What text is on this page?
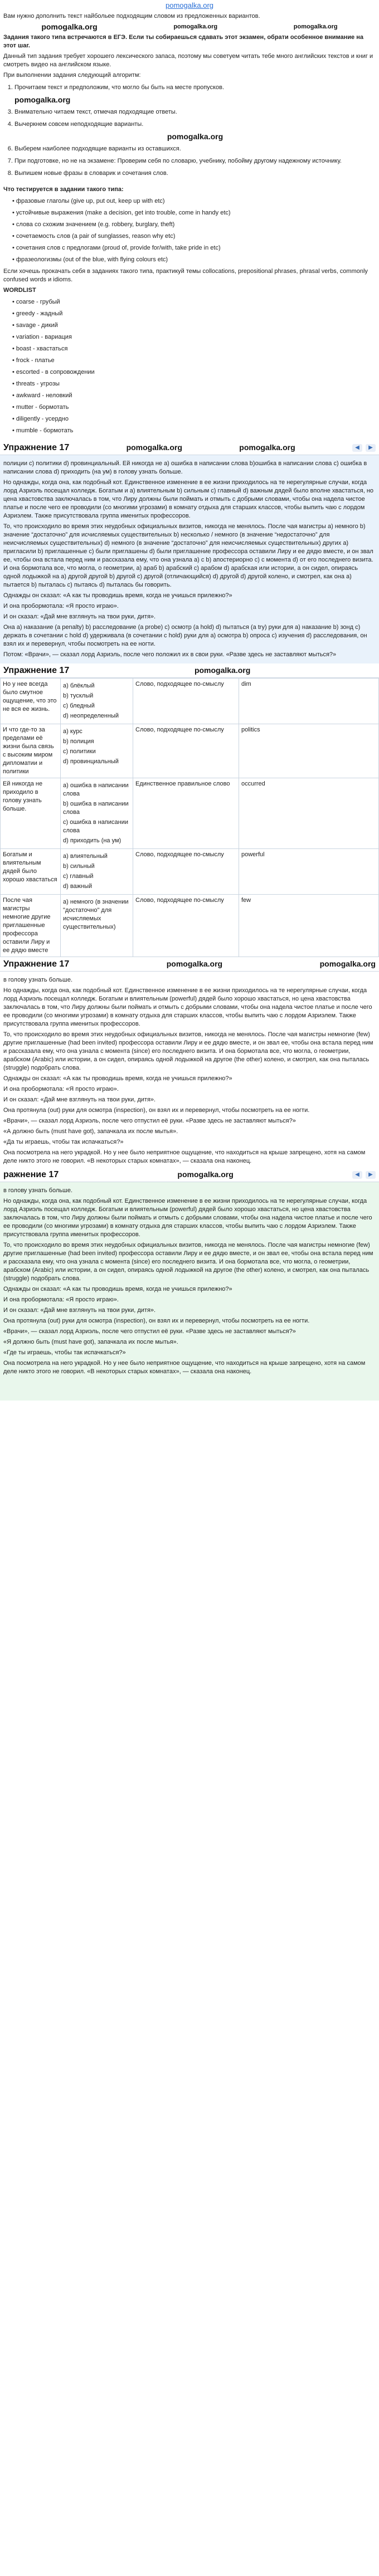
pomogalka.org

Вам нужно дополнить текст найбольее подходящим словом из предложенных вариантов.

pomogalka.org	pomogalka.org	pomogalka.org

Задания такого типа встречаются в ЕГЭ. Если ты собираешься сдавать этот экзамен, обрати особенное внимание на этот шаг.

Данный тип задания требует хорошего лексического запаса, поэтому мы советуем читать тебе много английских текстов и книг и смотреть видео на английском языке.

При выполнении задания следующий алгоритм:

1. Прочитаем текст и предположим, что могло бы быть на месте пропусков.
pomogalka.org
3. Внимательно читаем текст, отмечая подходящие ответы.
4. Вычеркнем совсем неподходящие варианты.
pomogalka.org
6. Выберем наиболее подходящие варианты из оставшихся.
7. При подготовке, но не на экзамене: Проверим себя по словарю, учебнику, побойму другому надежному источнику.
8. Выпишем новые фразы в словарик и сочетания слов.

Что тестируется в задании такого типа:

• фразовые глаголы (give up, put out, keep up with etc)
• устойчивые выражения (make a decision, get into trouble, come in handy etc)
• слова со схожим значением (e.g. robbery, burglary, theft)
• сочетаемость слов (a pair of sunglasses, reason why etc)
• сочетания слов с предлогами (proud of, provide for/with, take pride in etc)
• фразеологизмы (out of the blue, with flying colours etc)

Если хочешь прокачать себя в заданиях такого типа, практикуй темы collocations, prepositional phrases, phrasal verbs, commonly confused words и idioms.

WORDLIST

• coarse - грубый
• greedy - жадный
• savage - дикий
• variation - вариация
• boast - хвастаться
• frock - платье
• escorted - в сопровождении
• threats - угрозы
• awkward - неловкий
• mutter - бормотать
• diligently - усердно
• mumble - бормотать
Упражнение 17	pomogalka.org	pomogalka.org	◀	▶

полиции c) политики d) провинциальный. Ей никогда не a) ошибка в написании слова b)ошибка в написании слова c) ошибка в написании слова d) приходить (на ум) в голову узнать больше.

Но однажды, когда она, как подобный кот. Единственное изменение в ее жизни приходилось на те нерегулярные случаи, когда лорд Азриэль посещал колледж. Богатым и a) влиятельным b) сильным c) главный d) важным дядей было вполне хвастаться, но цена хвастовства заключалась в том, что Лиру должны были поймать и отмыть с добрыми словами, чтобы она надела чистое платье и после чего ее проводили (со многими угрозами) в комнату отдыха для старших классов, чтобы выпить чаю с лордом Азриэлем. Также присутствовала группа именитых профессоров.

То, что происходило во время этих неудобных официальных визитов, никогда не менялось. После чая магистры a) немного b) значение “достаточно” для исчисляемых существительных b) несколько / немного (в значение “недостаточно” для неисчисляемых существительных) d) немного (в значение “достаточно” для неисчисляемых существительных) других a) пригласили b) приглашенные c) были приглашены d) были приглашение профессора оставили Лиру и ее дядю вместе, и он звал ее, чтобы она встала перед ним и рассказала ему, что она узнала a) с b) апостериорно c) с момента d) от его последнего визита. И она бормотала все, что могла, о геометрии, a) араб b) арабский c) арабом d) арабская или истории, а он сидел, опираясь одной лодыжкой на a) другой другой b) другой c) другой (отличающийся) d) другой d) другой колено, и смотрел, как она a) пытается b) пыталась c) пытаясь d) пыталась бы говорить.

Однажды он сказал: «А как ты проводишь время, когда не учишься прилежно?»

И она пробормотала: «Я просто играю».

И он сказал: «Дай мне взглянуть на твои руки, дитя».

Она a) наказание (a penalty) b) расследование (a probe) c) осмотр (a hold) d) пытаться (a try) руки для a) наказание b) зонд c) держать в сочетании с hold d) удерживала (в сочетании с hold) руки для a) осмотра b) опроса c) изучения d) расследования, он взял их и перевернул, чтобы посмотреть на ее ногти.

Потом: «Врачи», — сказал лорд Азриэль, после чего положил их в свои руки. «Разве здесь не заставляют мыться?»

Упражнение 17	pomogalka.org
Но у нее всегда было смутное ощущение, что это не вся ее жизнь.	a) блёклый
b) тусклый
c) бледный
d) неопределенный	Слово, подходящее по-смыслу	dim
И что где-то за пределами её жизни была связь с высоким миром дипломатии и политики	a) курс
b) полиция
c) политики
d) провинциальный	Слово, подходящее по-смыслу	politics
Ей никогда не приходило в голову узнать больше.	a) ошибка в написании слова
b) ошибка в написании слова
c) ошибка в написании слова
d) приходить (на ум)	Единственное правильное слово	occurred
Богатым и влиятельным дядей было хорошо хвастаться	a) влиятельный
b) сильный
c) главный
d) важный	Слово, подходящее по-смыслу	powerful
После чая магистры немногие другие приглашенные профессора оставили Лиру и ее дядю вместе	a) немного (в значении "достаточно" для исчисляемых существительных)	Слово, подходящее по-смыслу	few
Упражнение 17	pomogalka.org	pomogalka.org

в голову узнать больше.

Но однажды, когда она, как подобный кот. Единственное изменение в ее жизни приходилось на те нерегулярные случаи, когда лорд Азриэль посещал колледж. Богатым и влиятельным (powerful) дядей было хорошо хвастаться, но цена хвастовства заключалась в том, что Лиру должны были поймать и отмыть с добрыми словами, чтобы она надела чистое платье и после чего ее проводили (со многими угрозами) в комнату отдыха для старших классов, чтобы выпить чаю с лордом Азриэлем. Также присутствовала группа именитых профессоров.

То, что происходило во время этих неудобных официальных визитов, никогда не менялось. После чая магистры немногие (few) другие приглашенные (had been invited) профессора оставили Лиру и ее дядю вместе, и он звал ее, чтобы она встала перед ним и рассказала ему, что она узнала с момента (since) его последнего визита. И она бормотала все, что могла, о геометрии, арабском (Arabic) или истории, а он сидел, опираясь одной лодыжкой на другое (the other) колено, и смотрел, как она пыталась (struggle) подобрать слова.

Однажды он сказал: «А как ты проводишь время, когда не учишься прилежно?»

И она пробормотала: «Я просто играю».

И он сказал: «Дай мне взглянуть на твои руки, дитя».

Она протянула (out) руки для осмотра (inspection), он взял их и перевернул, чтобы посмотреть на ее ногти.

«Врачи», — сказал лорд Азриэль, после чего отпустил её руки. «Разве здесь не заставляют мыться?»

«А должно быть (must have got), запачкала их после мытья».

«Да ты играешь, чтобы так испачкаться?»

Она посмотрела на него украдкой. Но у нее было неприятное ощущение, что находиться на крыше запрещено, хотя на самом деле никто этого не говорил. «В некоторых старых комнатах», — сказала она наконец.

ражнение 17	pomogalka.org	◀	▶

в голову узнать больше.

Но однажды, когда она, как подобный кот. Единственное изменение в ее жизни приходилось на те нерегулярные случаи, когда лорд Азриэль посещал колледж. Богатым и влиятельным (powerful) дядей было хорошо хвастаться, но цена хвастовства заключалась в том, что Лиру должны были поймать и отмыть с добрыми словами, чтобы она надела чистое платье и после чего ее проводили (со многими угрозами) в комнату отдыха для старших классов, чтобы выпить чаю с лордом Азриэлем. Также присутствовала группа именитых профессоров.

То, что происходило во время этих неудобных официальных визитов, никогда не менялось. После чая магистры немногие (few) другие приглашенные (had been invited) профессора оставили Лиру и ее дядю вместе, и он звал ее, чтобы она встала перед ним и рассказала ему, что она узнала с момента (since) его последнего визита. И она бормотала все, что могла, о геометрии, арабском (Arabic) или истории, а он сидел, опираясь одной лодыжкой на другое (the other) колено, и смотрел, как она пыталась (struggle) подобрать слова.

Однажды он сказал: «А как ты проводишь время, когда не учишься прилежно?»

И она пробормотала: «Я просто играю».

И он сказал: «Дай мне взглянуть на твои руки, дитя».

Она протянула (out) руки для осмотра (inspection), он взял их и перевернул, чтобы посмотреть на ее ногти.

«Врачи», — сказал лорд Азриэль, после чего отпустил её руки. «Разве здесь не заставляют мыться?»

«Я должно быть (must have got), запачкала их после мытья».

«Где ты играешь, чтобы так испачкаться?»

Она посмотрела на него украдкой. Но у нее было неприятное ощущение, что находиться на крыше запрещено, хотя на самом деле никто этого не говорил. «В некоторых старых комнатах», — сказала она наконец.
